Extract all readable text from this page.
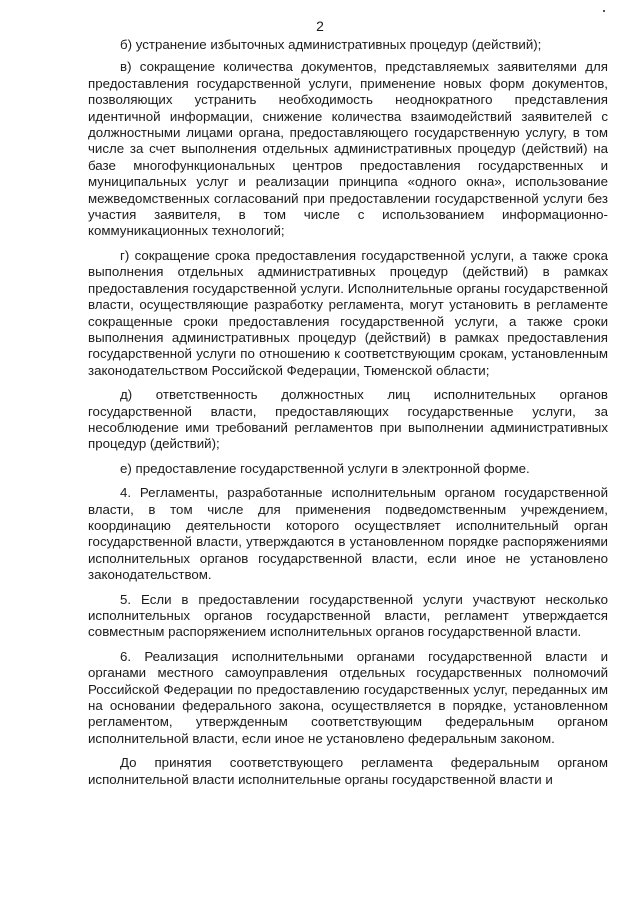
2

б) устранение избыточных административных процедур (действий);

в) сокращение количества документов, представляемых заявителями для предоставления государственной услуги, применение новых форм документов, позволяющих устранить необходимость неоднократного представления идентичной информации, снижение количества взаимодействий заявителей с должностными лицами органа, предоставляющего государственную услугу, в том числе за счет выполнения отдельных административных процедур (действий) на базе многофункциональных центров предоставления государственных и муниципальных услуг и реализации принципа «одного окна», использование межведомственных согласований при предоставлении государственной услуги без участия заявителя, в том числе с использованием информационно-коммуникационных технологий;

г) сокращение срока предоставления государственной услуги, а также срока выполнения отдельных административных процедур (действий) в рамках предоставления государственной услуги. Исполнительные органы государственной власти, осуществляющие разработку регламента, могут установить в регламенте сокращенные сроки предоставления государственной услуги, а также сроки выполнения административных процедур (действий) в рамках предоставления государственной услуги по отношению к соответствующим срокам, установленным законодательством Российской Федерации, Тюменской области;

д) ответственность должностных лиц исполнительных органов государственной власти, предоставляющих государственные услуги, за несоблюдение ими требований регламентов при выполнении административных процедур (действий);

е) предоставление государственной услуги в электронной форме.

4. Регламенты, разработанные исполнительным органом государственной власти, в том числе для применения подведомственным учреждением, координацию деятельности которого осуществляет исполнительный орган государственной власти, утверждаются в установленном порядке распоряжениями исполнительных органов государственной власти, если иное не установлено законодательством.

5. Если в предоставлении государственной услуги участвуют несколько исполнительных органов государственной власти, регламент утверждается совместным распоряжением исполнительных органов государственной власти.

6. Реализация исполнительными органами государственной власти и органами местного самоуправления отдельных государственных полномочий Российской Федерации по предоставлению государственных услуг, переданных им на основании федерального закона, осуществляется в порядке, установленном регламентом, утвержденным соответствующим федеральным органом исполнительной власти, если иное не установлено федеральным законом.

До принятия соответствующего регламента федеральным органом исполнительной власти исполнительные органы государственной власти и
